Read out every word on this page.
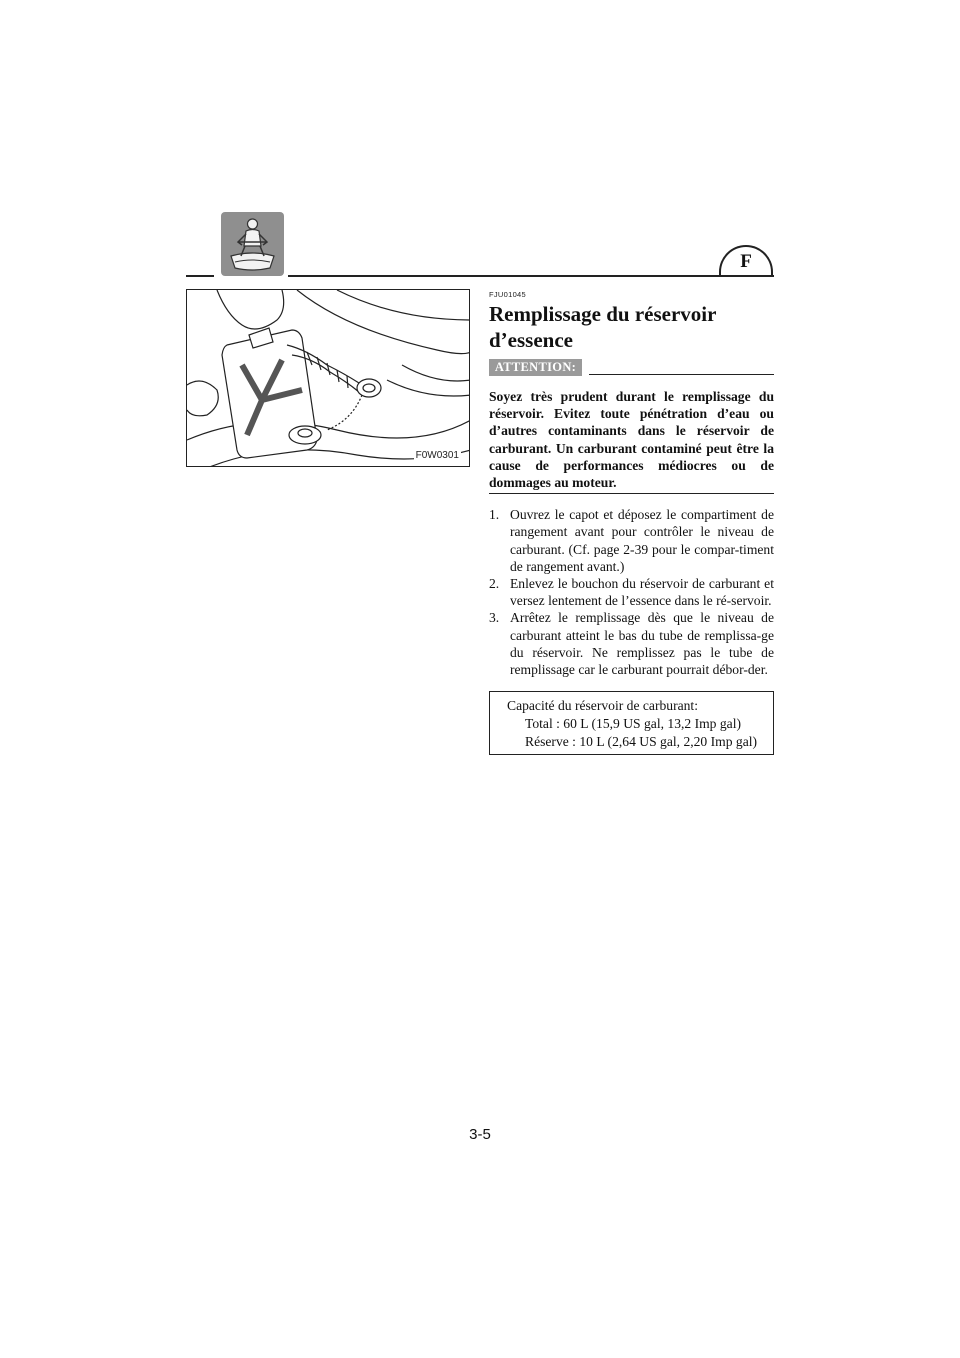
F
F0W0301
FJU01045
Remplissage du réservoir
d’essence
ATTENTION:
Soyez très prudent durant le remplissage du réservoir. Evitez toute pénétration d’eau ou d’autres contaminants dans le réservoir de carburant. Un carburant contaminé peut être la cause de performances médiocres ou de dommages au moteur.
1. Ouvrez le capot et déposez le compartiment de rangement avant pour contrôler le niveau de carburant. (Cf. page 2-39 pour le compar-timent de rangement avant.)
2. Enlevez le bouchon du réservoir de carburant et versez lentement de l’essence dans le ré-servoir.
3. Arrêtez le remplissage dès que le niveau de carburant atteint le bas du tube de remplissa-ge du réservoir. Ne remplissez pas le tube de remplissage car le carburant pourrait débor-der.
Capacité du réservoir de carburant:
Total : 60 L (15,9 US gal, 13,2 Imp gal)
Réserve : 10 L (2,64 US gal, 2,20 Imp gal)
3-5
